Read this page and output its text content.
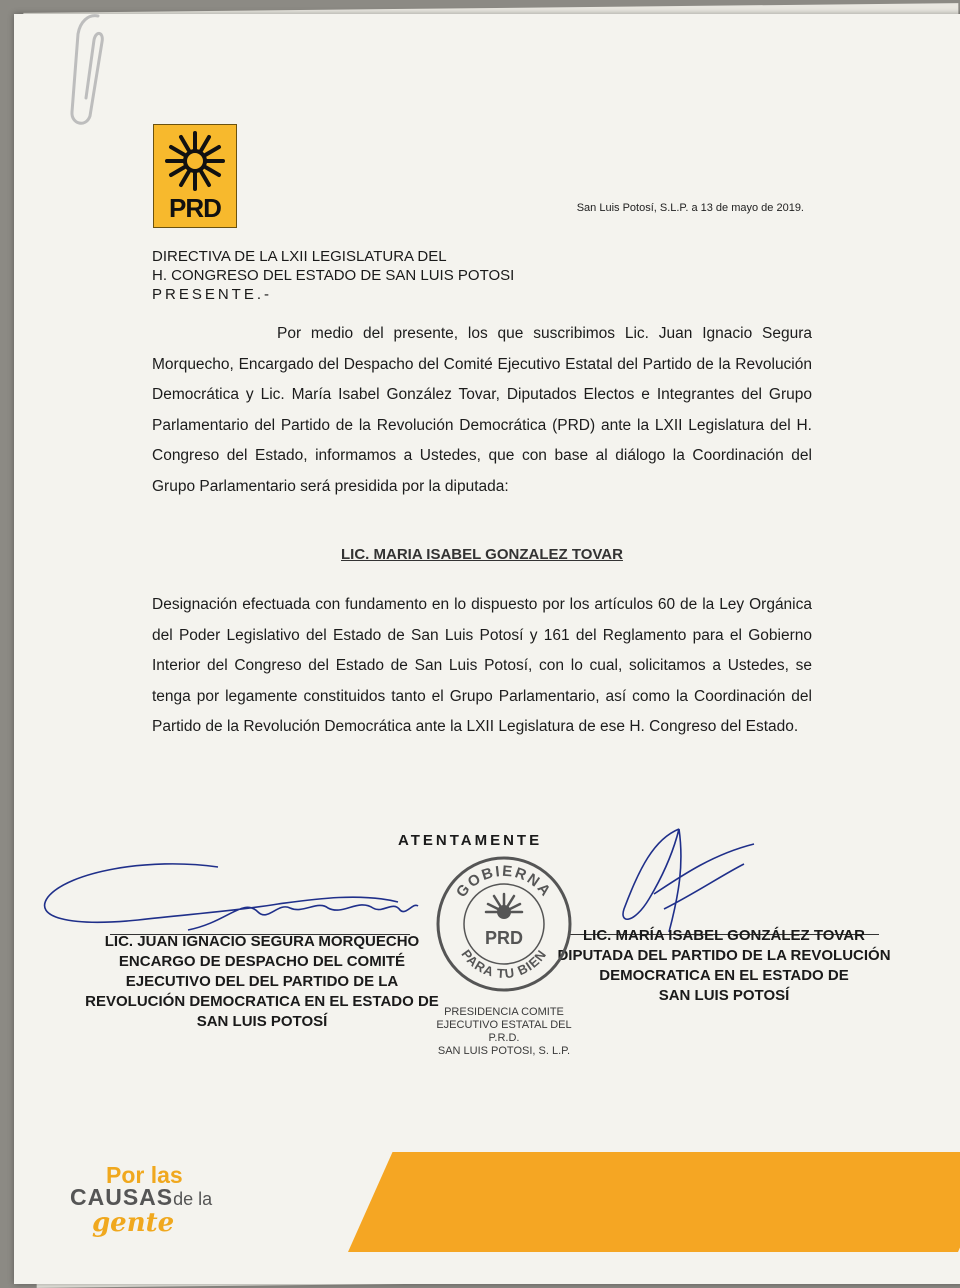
PRD	San Luis Potosí, S.L.P. a 13 de mayo de 2019.
DIRECTIVA DE LA LXII LEGISLATURA DEL
H. CONGRESO DEL ESTADO DE SAN LUIS POTOSI
PRESENTE.-
Por medio del presente, los que suscribimos Lic. Juan Ignacio Segura Morquecho, Encargado del Despacho del Comité Ejecutivo Estatal del Partido de la Revolución Democrática y Lic. María Isabel González Tovar, Diputados Electos e Integrantes del Grupo Parlamentario del Partido de la Revolución Democrática (PRD) ante la LXII Legislatura del H. Congreso del Estado, informamos a Ustedes, que con base al diálogo la Coordinación del Grupo Parlamentario será presidida por la diputada:
LIC. MARIA ISABEL GONZALEZ TOVAR
Designación efectuada con fundamento en lo dispuesto por los artículos 60 de la Ley Orgánica del Poder Legislativo del Estado de San Luis Potosí y 161 del Reglamento para el Gobierno Interior del Congreso del Estado de San Luis Potosí, con lo cual, solicitamos a Ustedes, se tenga por legamente constituidos tanto el Grupo Parlamentario, así como la Coordinación del Partido de la Revolución Democrática ante la LXII Legislatura de ese H. Congreso del Estado.
ATENTAMENTE
LIC. JUAN IGNACIO SEGURA MORQUECHO
ENCARGO DE DESPACHO DEL COMITÉ
EJECUTIVO DEL DEL PARTIDO DE LA
REVOLUCIÓN DEMOCRATICA EN EL ESTADO DE
SAN LUIS POTOSÍ
LIC. MARÍA ISABEL GONZÁLEZ TOVAR
DIPUTADA DEL PARTIDO DE LA REVOLUCIÓN
DEMOCRATICA EN EL ESTADO DE
SAN LUIS POTOSÍ
GOBIERNA
PARA TU BIEN
PRD
PRESIDENCIA COMITE
EJECUTIVO ESTATAL DEL
P.R.D.
SAN LUIS POTOSI, S. L.P.
Por las
CAUSASde la
gente
